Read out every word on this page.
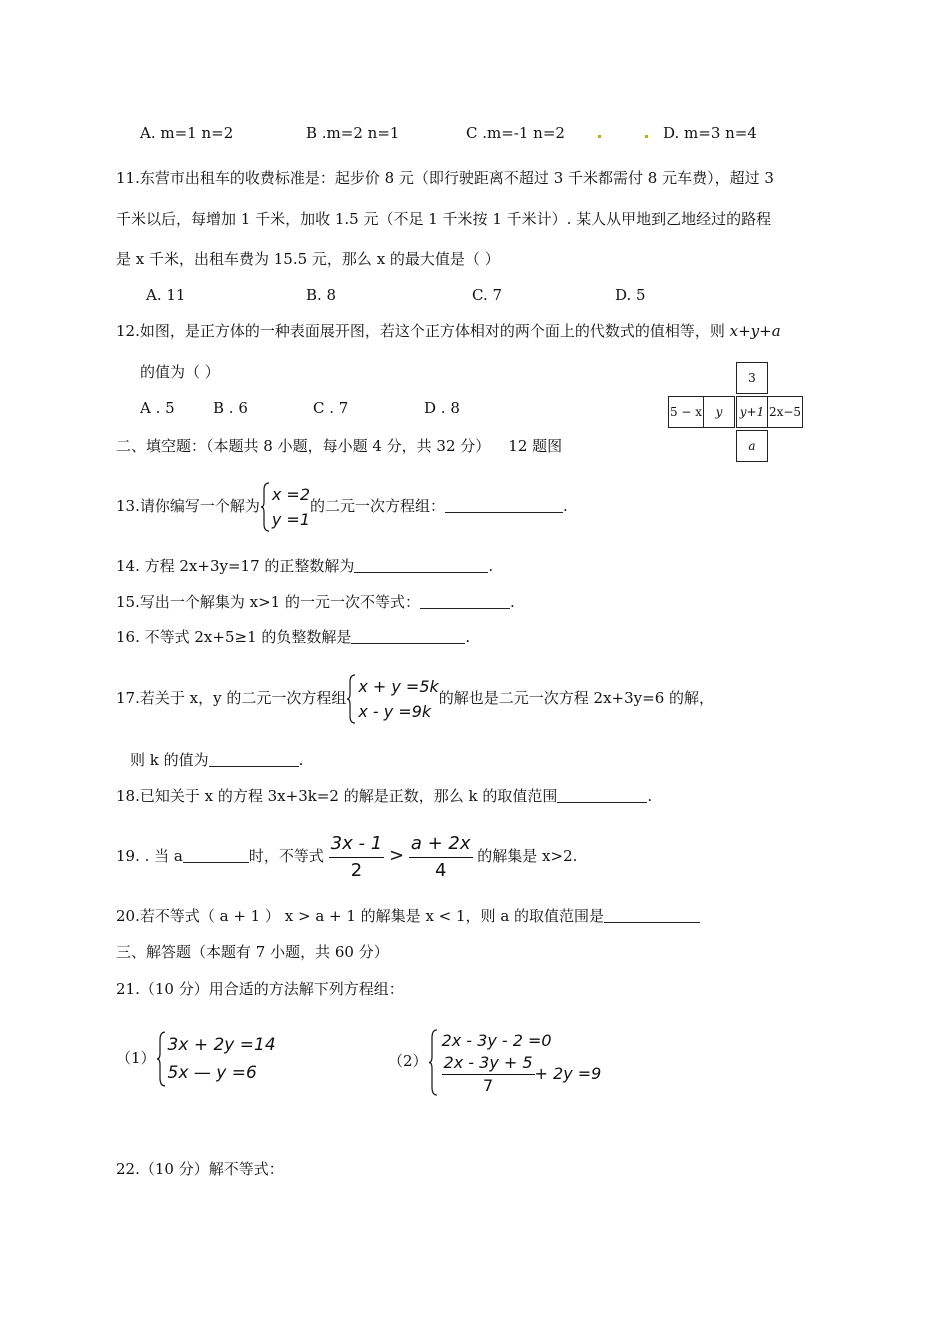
A. m=1 n=2	B .m=2 n=1	C .m=-1 n=2	D. m=3 n=4
11.东营市出租车的收费标准是：起步价 8 元（即行驶距离不超过 3 千米都需付 8 元车费），超过 3
千米以后，每增加 1 千米，加收 1.5 元（不足 1 千米按 1 千米计）. 某人从甲地到乙地经过的路程
是 x 千米，出租车费为 15.5 元，那么 x 的最大值是（ ）
A. 11	B. 8	C. 7	D. 5
12.如图，是正方体的一种表面展开图，若这个正方体相对的两个面上的代数式的值相等，则 x+y+a
的值为（ ）
A . 5	B . 6	C . 7	D . 8
3
5 − x	y	y+1 2x−5
a
二、填空题：（本题共 8 小题，每小题 4 分，共 32 分） 12 题图
13.请你编写一个解为
x =2
y =1
的二元一次方程组：	.
14. 方程 2x+3y=17 的正整数解为	.
15.写出一个解集为 x>1 的一元一次不等式：	.
16. 不等式 2x+5≥1 的负整数解是	.
17.若关于 x，y 的二元一次方程组
x + y =5k
x - y =9k
的解也是二元一次方程 2x+3y=6 的解，
则 k 的值为	.
18.已知关于 x 的方程 3x+3k=2 的解是正数，那么 k 的取值范围	.
19. . 当 a	时，不等式 $\frac{3x - 1}{2} > \frac{a + 2x}{4}$ 的解集是 x>2.
20.若不等式（ a + 1 ） x > a + 1 的解集是 x < 1，则 a 的取值范围是
三、解答题（本题有 7 小题，共 60 分）
21.（10 分）用合适的方法解下列方程组：
（1）
3x + 2y =14
5x — y =6
（2）
2x - 3y - 2 =0
$\frac{2x - 3y + 5}{7} + 2y =9$
22.（10 分）解不等式：
